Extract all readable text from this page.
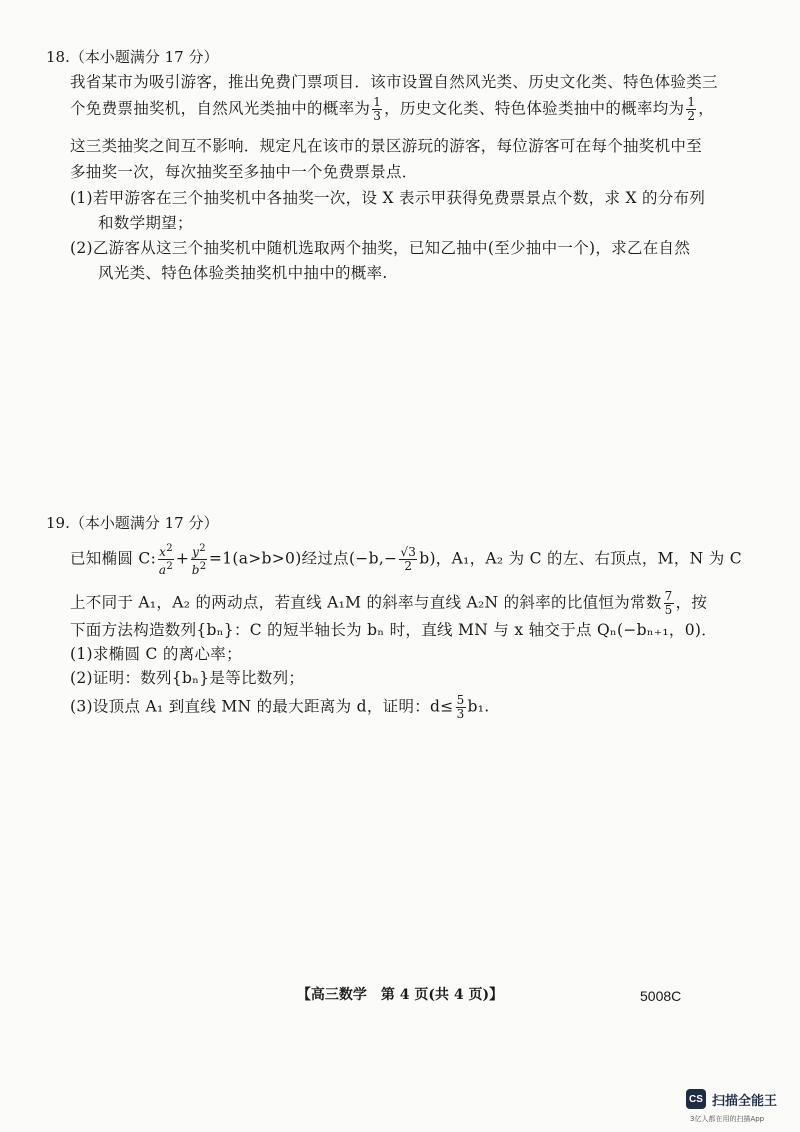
18.（本小题满分 17 分）
我省某市为吸引游客，推出免费门票项目．该市设置自然风光类、历史文化类、特色体验类三
个免费票抽奖机，自然风光类抽中的概率为 $\frac{1}{3}$ ，历史文化类、特色体验类抽中的概率均为 $\frac{1}{2}$ ，
这三类抽奖之间互不影响．规定凡在该市的景区游玩的游客，每位游客可在每个抽奖机中至
多抽奖一次，每次抽奖至多抽中一个免费票景点．
(1)若甲游客在三个抽奖机中各抽奖一次，设 X 表示甲获得免费票景点个数，求 X 的分布列
和数学期望；
(2)乙游客从这三个抽奖机中随机选取两个抽奖，已知乙抽中(至少抽中一个)，求乙在自然
风光类、特色体验类抽奖机中抽中的概率.
19.（本小题满分 17 分）
已知椭圆 C: $\frac{x^2}{a^2} + \frac{y^2}{b^2} =1(a>b>0)$经过点$(-b,- \frac{√3}{2} b)$，A₁，A₂ 为 C 的左、右顶点，M，N 为 C
上不同于 A₁，A₂ 的两动点，若直线 A₁M 的斜率与直线 A₂N 的斜率的比值恒为常数 $\frac{7}{5}$ ，按
下面方法构造数列{bₙ}：C 的短半轴长为 bₙ 时，直线 MN 与 x 轴交于点 Qₙ(−bₙ₊₁，0)．
(1)求椭圆 C 的离心率；
(2)证明：数列{bₙ}是等比数列；
(3)设顶点 A₁ 到直线 MN 的最大距离为 d，证明：$d\le \frac{5}{3} b_1$.
【高三数学　第 4 页(共 4 页)】	5008C
CS 扫描全能王
3亿人都在用的扫描App
